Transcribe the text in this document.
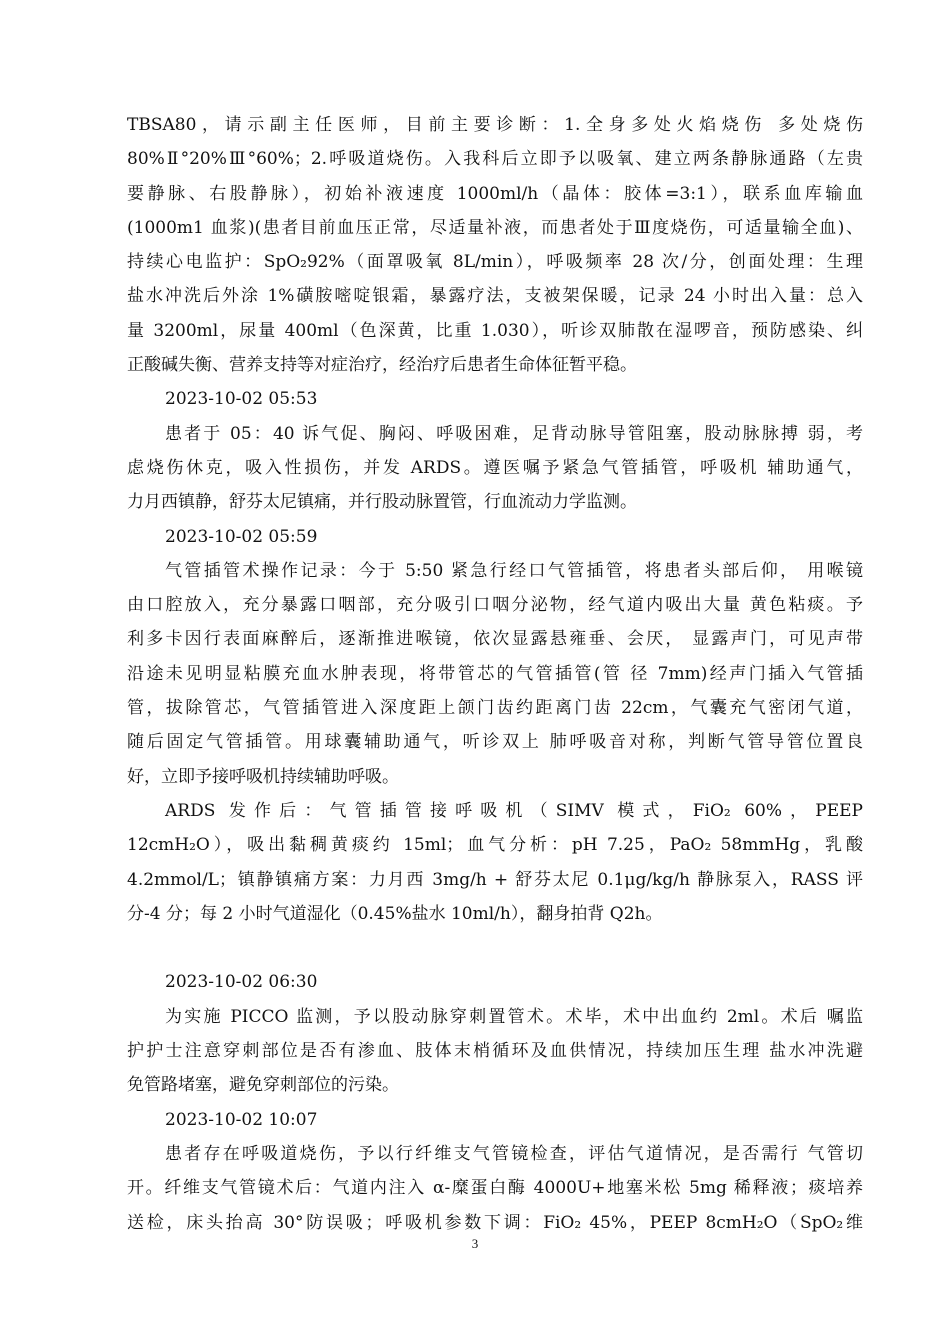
TBSA80，请示副主任医师，目前主要诊断：1.全身多处火焰烧伤 多处烧伤
80%Ⅱ°20%Ⅲ°60%；2.呼吸道烧伤。入我科后立即予以吸氧、建立两条静脉通路（左贵
要静脉、右股静脉），初始补液速度 1000ml/h（晶体：胶体=3:1），联系血库输血
(1000m1 血浆)(患者目前血压正常，尽适量补液，而患者处于Ⅲ度烧伤，可适量输全血)、
持续心电监护：SpO₂92%（面罩吸氧 8L/min），呼吸频率 28 次/分，创面处理：生理
盐水冲洗后外涂 1%磺胺嘧啶银霜，暴露疗法，支被架保暖，记录 24 小时出入量：总入
量 3200ml，尿量 400ml（色深黄，比重 1.030），听诊双肺散在湿啰音，预防感染、纠
正酸碱失衡、营养支持等对症治疗，经治疗后患者生命体征暂平稳。
2023-10-02 05:53
患者于 05：40 诉气促、胸闷、呼吸困难，足背动脉导管阻塞，股动脉脉搏 弱，考
虑烧伤休克，吸入性损伤，并发 ARDS。遵医嘱予紧急气管插管，呼吸机 辅助通气，
力月西镇静，舒芬太尼镇痛，并行股动脉置管，行血流动力学监测。
2023-10-02 05:59
气管插管术操作记录：今于 5:50 紧急行经口气管插管，将患者头部后仰， 用喉镜
由口腔放入，充分暴露口咽部，充分吸引口咽分泌物，经气道内吸出大量 黄色粘痰。予
利多卡因行表面麻醉后，逐渐推进喉镜，依次显露悬雍垂、会厌， 显露声门，可见声带
沿途未见明显粘膜充血水肿表现，将带管芯的气管插管(管 径 7mm)经声门插入气管插
管，拔除管芯，气管插管进入深度距上颌门齿约距离门齿 22cm，气囊充气密闭气道，
随后固定气管插管。用球囊辅助通气，听诊双上 肺呼吸音对称，判断气管导管位置良
好，立即予接呼吸机持续辅助呼吸。
ARDS 发作后：气管插管接呼吸机（SIMV 模式，FiO₂ 60%，PEEP
12cmH₂O），吸出黏稠黄痰约 15ml；血气分析：pH 7.25，PaO₂ 58mmHg，乳酸
4.2mmol/L；镇静镇痛方案：力月西 3mg/h + 舒芬太尼 0.1μg/kg/h 静脉泵入，RASS 评
分-4 分；每 2 小时气道湿化（0.45%盐水 10ml/h），翻身拍背 Q2h。
2023-10-02 06:30
为实施 PICCO 监测，予以股动脉穿刺置管术。术毕，术中出血约 2ml。术后 嘱监
护护士注意穿刺部位是否有渗血、肢体末梢循环及血供情况，持续加压生理 盐水冲洗避
免管路堵塞，避免穿刺部位的污染。
2023-10-02 10:07
患者存在呼吸道烧伤，予以行纤维支气管镜检查，评估气道情况，是否需行 气管切
开。纤维支气管镜术后：气道内注入 α-糜蛋白酶 4000U+地塞米松 5mg 稀释液；痰培养
送检，床头抬高 30°防误吸；呼吸机参数下调：FiO₂ 45%，PEEP 8cmH₂O（SpO₂维
3
